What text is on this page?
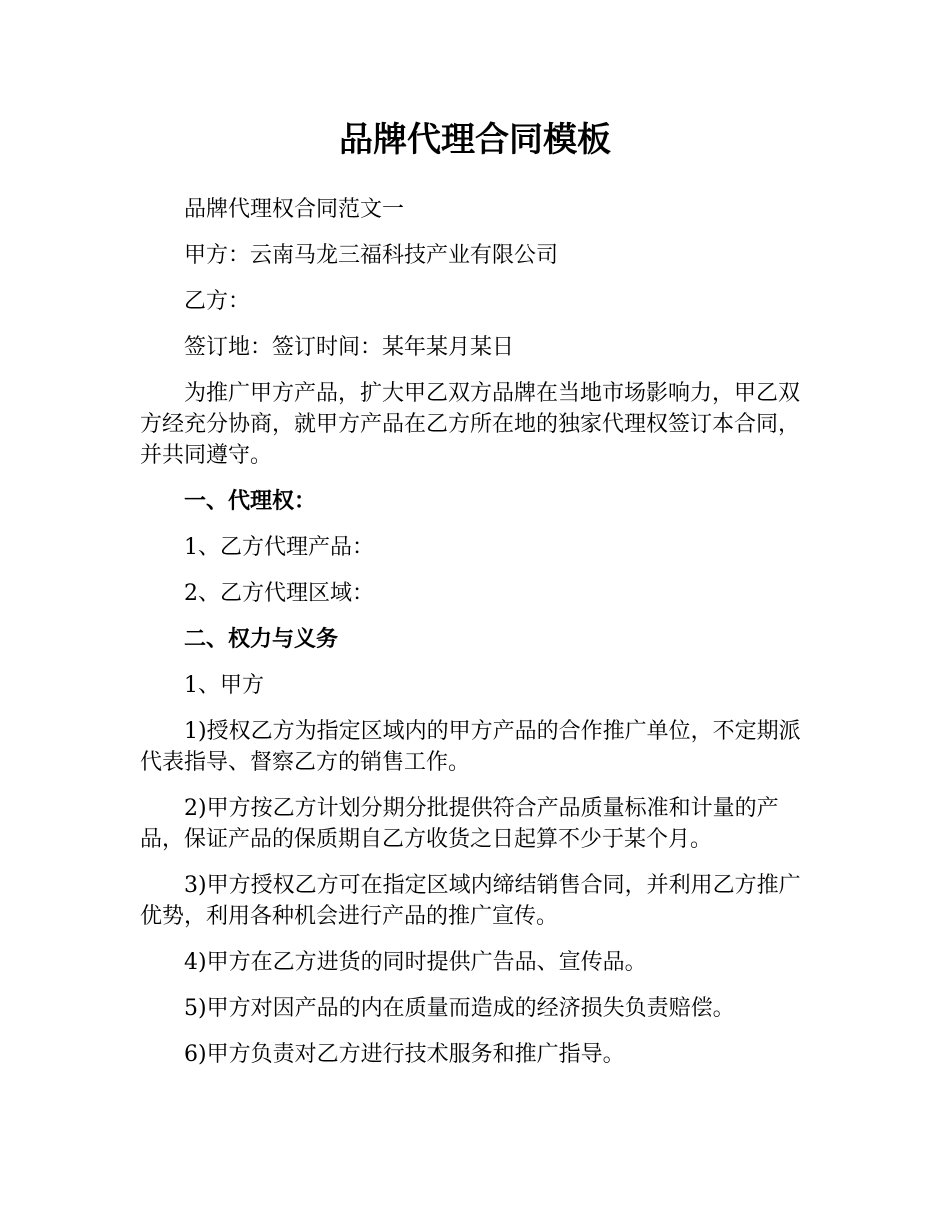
品牌代理合同模板

品牌代理权合同范文一

甲方：云南马龙三福科技产业有限公司

乙方：

签订地：签订时间：某年某月某日

为推广甲方产品，扩大甲乙双方品牌在当地市场影响力，甲乙双方经充分协商，就甲方产品在乙方所在地的独家代理权签订本合同，并共同遵守。

一、代理权：

1、乙方代理产品：

2、乙方代理区域：

二、权力与义务

1、甲方

1)授权乙方为指定区域内的甲方产品的合作推广单位，不定期派代表指导、督察乙方的销售工作。

2)甲方按乙方计划分期分批提供符合产品质量标准和计量的产品，保证产品的保质期自乙方收货之日起算不少于某个月。

3)甲方授权乙方可在指定区域内缔结销售合同，并利用乙方推广优势，利用各种机会进行产品的推广宣传。

4)甲方在乙方进货的同时提供广告品、宣传品。

5)甲方对因产品的内在质量而造成的经济损失负责赔偿。

6)甲方负责对乙方进行技术服务和推广指导。
